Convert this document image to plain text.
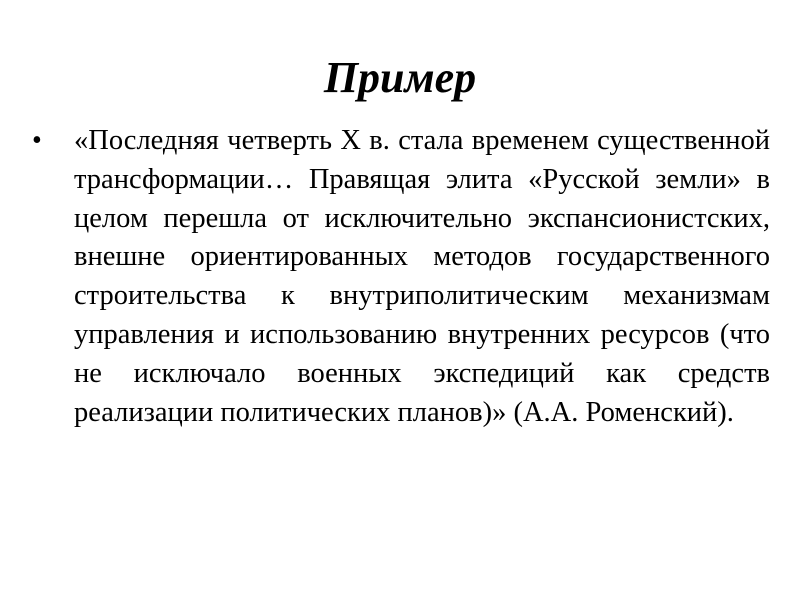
Пример
• «Последняя четверть X в. стала временем существенной трансформации… Правящая элита «Русской земли» в целом перешла от исключительно экспансионистских, внешне ориентированных методов государственного строительства к внутриполитическим механизмам управления и использованию внутренних ресурсов (что не исключало военных экспедиций как средств реализации политических планов)» (А.А. Роменский).
